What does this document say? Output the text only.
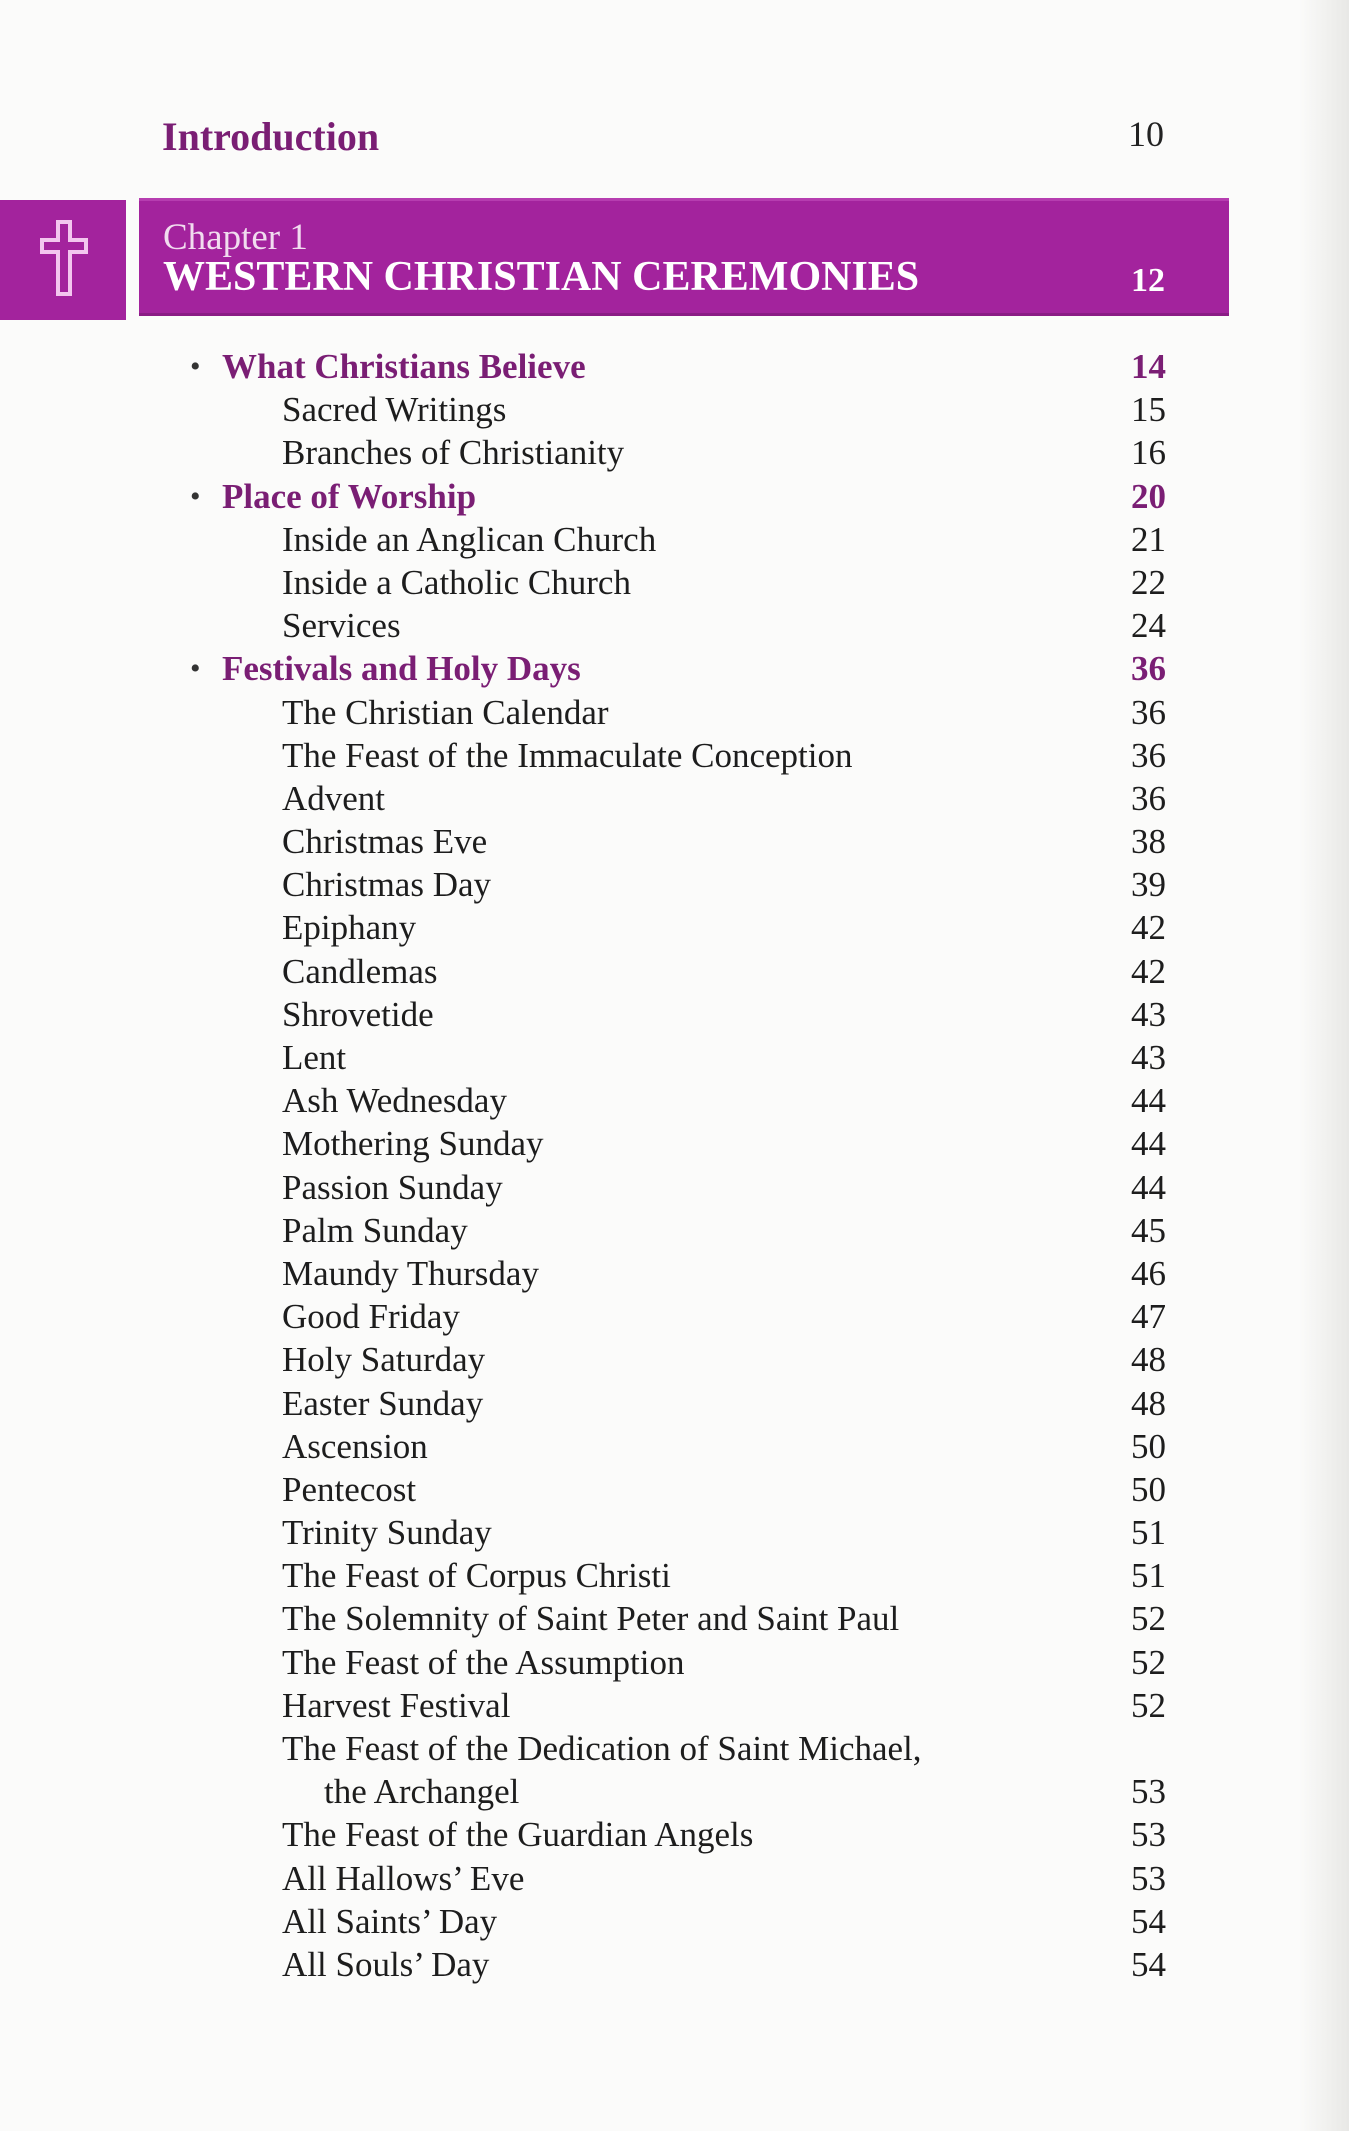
Introduction	10
Chapter 1
WESTERN CHRISTIAN CEREMONIES	12
• What Christians Believe	14
Sacred Writings	15
Branches of Christianity	16
• Place of Worship	20
Inside an Anglican Church	21
Inside a Catholic Church	22
Services	24
• Festivals and Holy Days	36
The Christian Calendar	36
The Feast of the Immaculate Conception	36
Advent	36
Christmas Eve	38
Christmas Day	39
Epiphany	42
Candlemas	42
Shrovetide	43
Lent	43
Ash Wednesday	44
Mothering Sunday	44
Passion Sunday	44
Palm Sunday	45
Maundy Thursday	46
Good Friday	47
Holy Saturday	48
Easter Sunday	48
Ascension	50
Pentecost	50
Trinity Sunday	51
The Feast of Corpus Christi	51
The Solemnity of Saint Peter and Saint Paul	52
The Feast of the Assumption	52
Harvest Festival	52
The Feast of the Dedication of Saint Michael,
the Archangel	53
The Feast of the Guardian Angels	53
All Hallows’ Eve	53
All Saints’ Day	54
All Souls’ Day	54
